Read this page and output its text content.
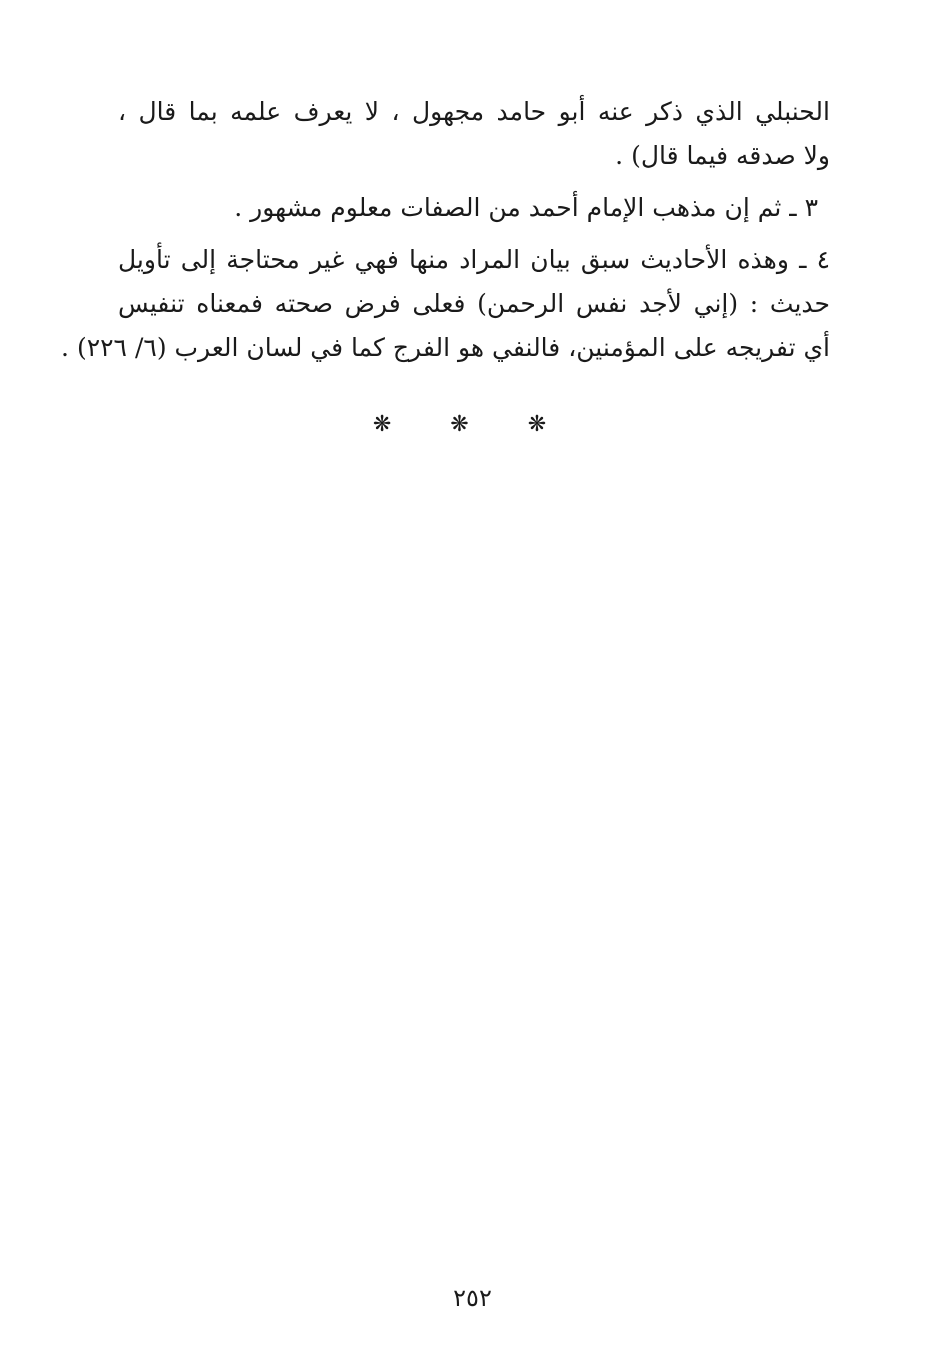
الحنبلي الذي ذكر عنه أبو حامد مجهول ، لا يعرف علمه بما قال ،
ولا صدقه فيما قال) .
٣ ـ ثم إن مذهب الإمام أحمد من الصفات معلوم مشهور .
٤ ـ وهذه الأحاديث سبق بيان المراد منها فهي غير محتاجة إلى تأويل
حديث : (إني لأجد نفس الرحمن) فعلى فرض صحته فمعناه تنفيس
أي تفريجه على المؤمنين، فالنفي هو الفرج كما في لسان العرب (٦/ ٢٢٦) .
❋ ❋ ❋
٢٥٢
